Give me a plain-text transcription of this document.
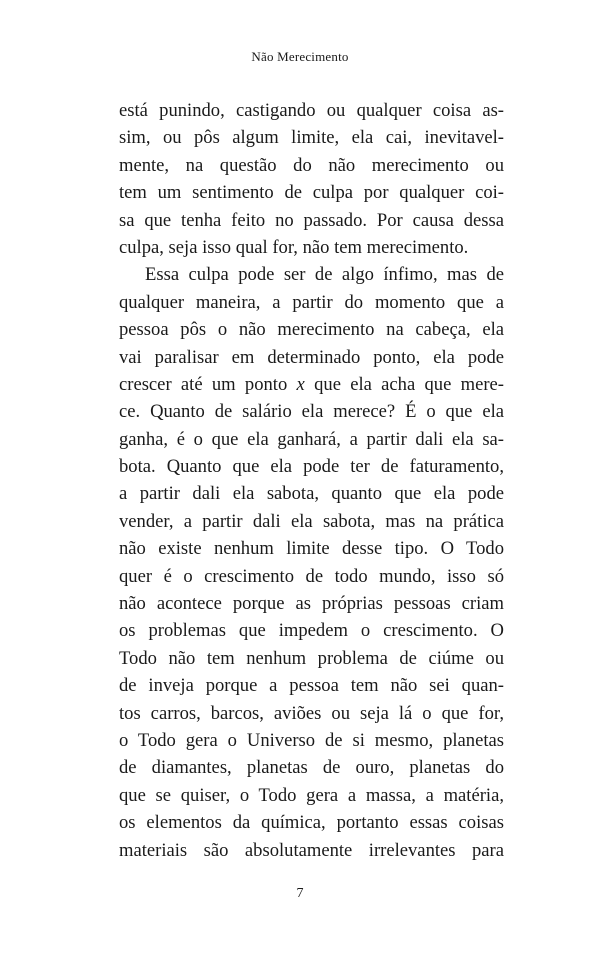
Não Merecimento
está punindo, castigando ou qualquer coisa as-
sim, ou pôs algum limite, ela cai, inevitavel-
mente, na questão do não merecimento ou
tem um sentimento de culpa por qualquer coi-
sa que tenha feito no passado. Por causa dessa
culpa, seja isso qual for, não tem merecimento.
Essa culpa pode ser de algo ínfimo, mas de
qualquer maneira, a partir do momento que a
pessoa pôs o não merecimento na cabeça, ela
vai paralisar em determinado ponto, ela pode
crescer até um ponto x que ela acha que mere-
ce. Quanto de salário ela merece? É o que ela
ganha, é o que ela ganhará, a partir dali ela sa-
bota. Quanto que ela pode ter de faturamento,
a partir dali ela sabota, quanto que ela pode
vender, a partir dali ela sabota, mas na prática
não existe nenhum limite desse tipo. O Todo
quer é o crescimento de todo mundo, isso só
não acontece porque as próprias pessoas criam
os problemas que impedem o crescimento. O
Todo não tem nenhum problema de ciúme ou
de inveja porque a pessoa tem não sei quan-
tos carros, barcos, aviões ou seja lá o que for,
o Todo gera o Universo de si mesmo, planetas
de diamantes, planetas de ouro, planetas do
que se quiser, o Todo gera a massa, a matéria,
os elementos da química, portanto essas coisas
materiais são absolutamente irrelevantes para
7
